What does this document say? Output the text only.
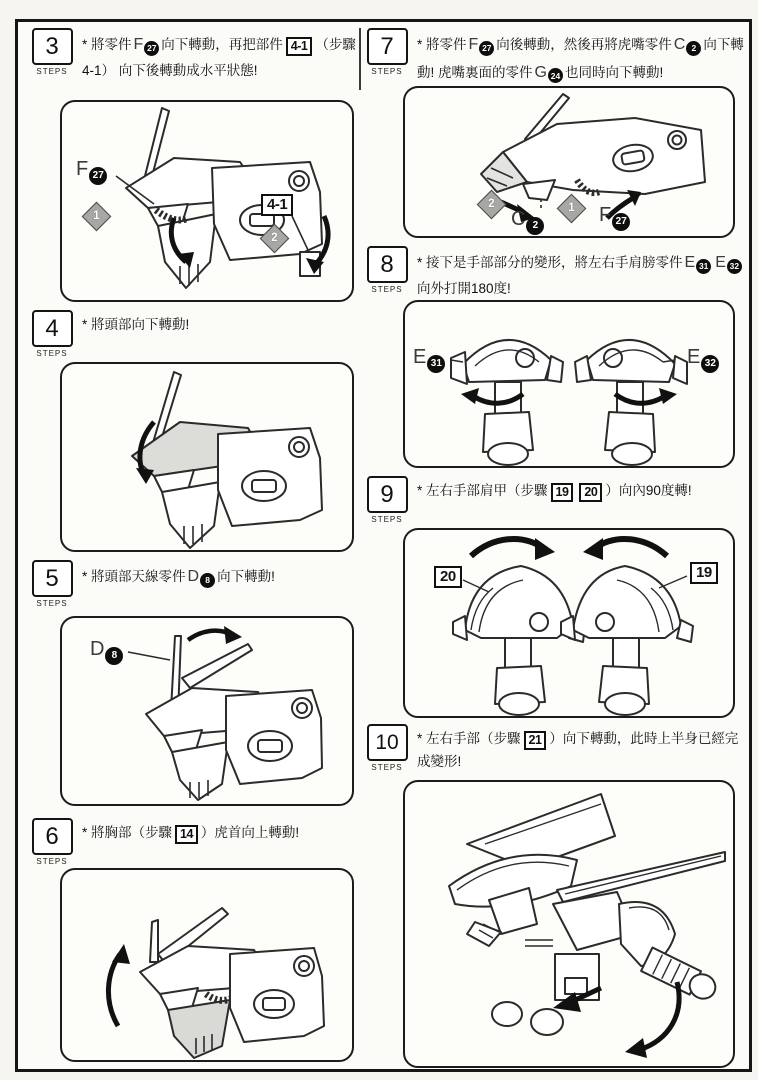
3
STEPS
* 將零件 F 27 向下轉動，再把部件 4-1 （步驟4-1） 向下後轉動成水平狀態!
F 27
1
4-1
2
4
STEPS
* 將頭部向下轉動!
5
STEPS
* 將頭部天線零件 D 8 向下轉動!
D 8
6
STEPS
* 將胸部（步驟 14 ）虎首向上轉動!
7
STEPS
* 將零件 F 27 向後轉動，然後再將虎嘴零件 C 2 向下轉動! 虎嘴裏面的零件 G 24 也同時向下轉動!
2
C 2
1	F 27
8
STEPS
* 接下是手部部分的變形，將左右手肩膀零件 E 31 E 32向外打開180度!
E 31	E 32
9
STEPS
* 左右手部肩甲（步驟 19 20 ）向內90度轉!
20	19
10
STEPS
* 左右手部（步驟 21 ）向下轉動，此時上半身已經完成變形!
